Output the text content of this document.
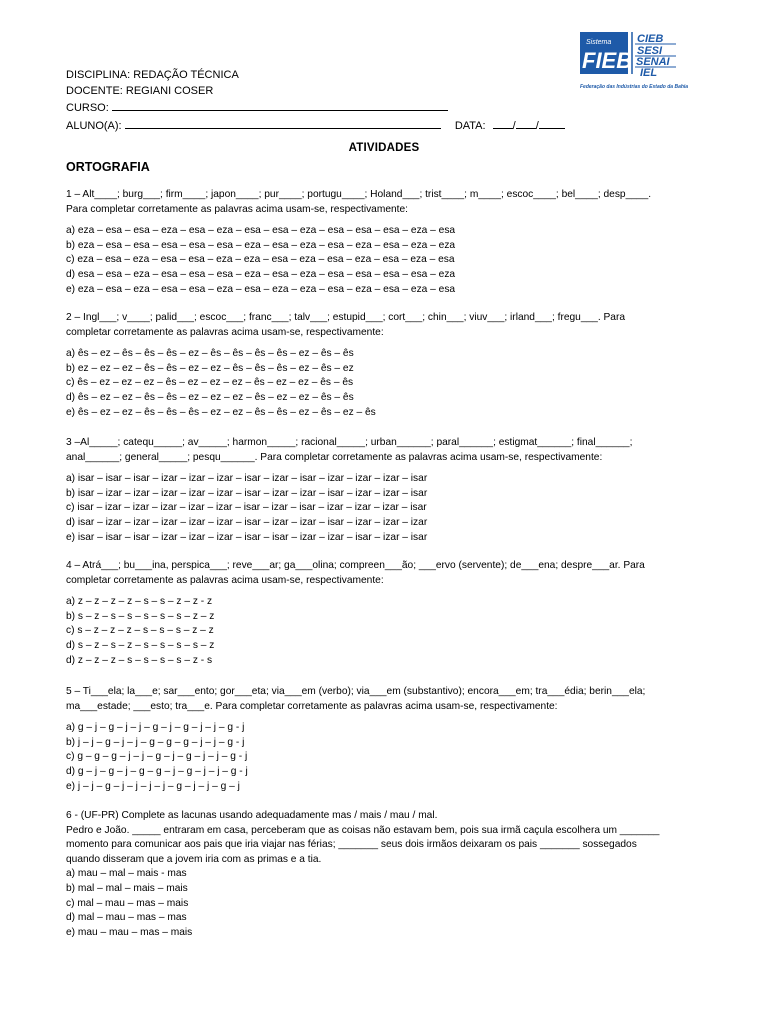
Sistema
FIEB
CIEB
SESI
SENAI
IEL
Federação das Indústrias do Estado da Bahia
DISCIPLINA: REDAÇÃO TÉCNICA
DOCENTE: REGIANI COSER
CURSO:
ALUNO(A):	DATA: / /
ATIVIDADES
ORTOGRAFIA

1 – Alt____; burg___; firm____; japon____; pur____; portugu____; Holand___; trist____; m____; escoc____; bel____; desp____.

Para completar corretamente as palavras acima usam-se, respectivamente:

a) eza – esa – esa – eza – esa – eza – esa – esa – eza – esa – esa – esa – eza – esa

b) eza – esa – esa – esa – esa – esa – eza – esa – eza – esa – eza – esa – eza – eza

c) eza – esa – eza – esa – esa – eza – eza – esa – eza – esa – eza – esa – eza – esa

d) esa – esa – eza – esa – esa – esa – eza – esa – eza – esa – esa – esa – esa – eza

e) eza – esa – eza – esa – esa – eza – esa – eza – eza – esa – eza – esa – eza – esa

2 – Ingl___; v____; palid___; escoc___; franc___; talv___; estupid___; cort___; chin___; viuv___; irland___; fregu___. Para

completar corretamente as palavras acima usam-se, respectivamente:

a) ês – ez – ês – ês – ês – ez – ês – ês – ês – ês – ez – ês – ês

b) ez – ez – ez – ês – ês – ez – ez – ês – ês – ês – ez – ês – ez

c) ês – ez – ez – ez – ês – ez – ez – ez – ês – ez – ez – ês – ês

d) ês – ez – ez – ês – ês – ez – ez – ez – ês – ez – ez – ês – ês

e) ês – ez – ez – ês – ês – ês – ez – ez – ês – ês – ez – ês – ez – ês

3 –Al_____; catequ_____; av_____; harmon_____; racional_____; urban______; paral______; estigmat______; final______;

anal______; general_____; pesqu______. Para completar corretamente as palavras acima usam-se, respectivamente:

a) isar – isar – isar – izar – izar – izar – isar – izar – isar – izar – izar – izar – isar

b) isar – izar – izar – izar – izar – izar – isar – izar – izar – isar – izar – izar – isar

c) isar – izar – izar – izar – izar – izar – isar – izar – isar – izar – izar – izar – isar

d) isar – izar – izar – izar – izar – izar – isar – izar – izar – isar – izar – izar – izar

e) isar – isar – isar – izar – izar – izar – isar – isar – izar – izar – isar – izar – isar

4 – Atrá___; bu___ina, perspica___; reve___ar; ga___olina; compreen___ão; ___ervo (servente); de___ena; despre___ar. Para

completar corretamente as palavras acima usam-se, respectivamente:

a) z – z – z – z – s – s – z – z - z

b) s – z – s – s – s – s – s – z – z

c) s – z – z – z – s – s – s – z – z

d) s – z – s – z – s – s – s – s – z

d) z – z – z – s – s – s – s – z - s

5 – Ti___ela; la___e; sar___ento; gor___eta; via___em (verbo); via___em (substantivo); encora___em; tra___édia; berin___ela;

ma___estade; ___esto; tra___e. Para completar corretamente as palavras acima usam-se, respectivamente:

a) g – j – g – j – j – g – j – g – j – j – g - j

b) j – j – g – j – j – g – g – g – j – j – g - j

c) g – g – g – j – j – g – j – g – j – j – g - j

d) g – j – g – j – g – g – j – g – j – j – g - j

e) j – j – g – j – j – j – j – g – j – j – g – j

6 - (UF-PR) Complete as lacunas usando adequadamente mas / mais / mau / mal.

Pedro e João. _____ entraram em casa, perceberam que as coisas não estavam bem, pois sua irmã caçula escolhera um _______

momento para comunicar aos pais que iria viajar nas férias; _______ seus dois irmãos deixaram os pais _______ sossegados

quando disseram que a jovem iria com as primas e a tia.

a) mau – mal – mais - mas

b) mal – mal – mais – mais

c) mal – mau – mas – mais

d) mal – mau – mas – mas

e) mau – mau – mas – mais
